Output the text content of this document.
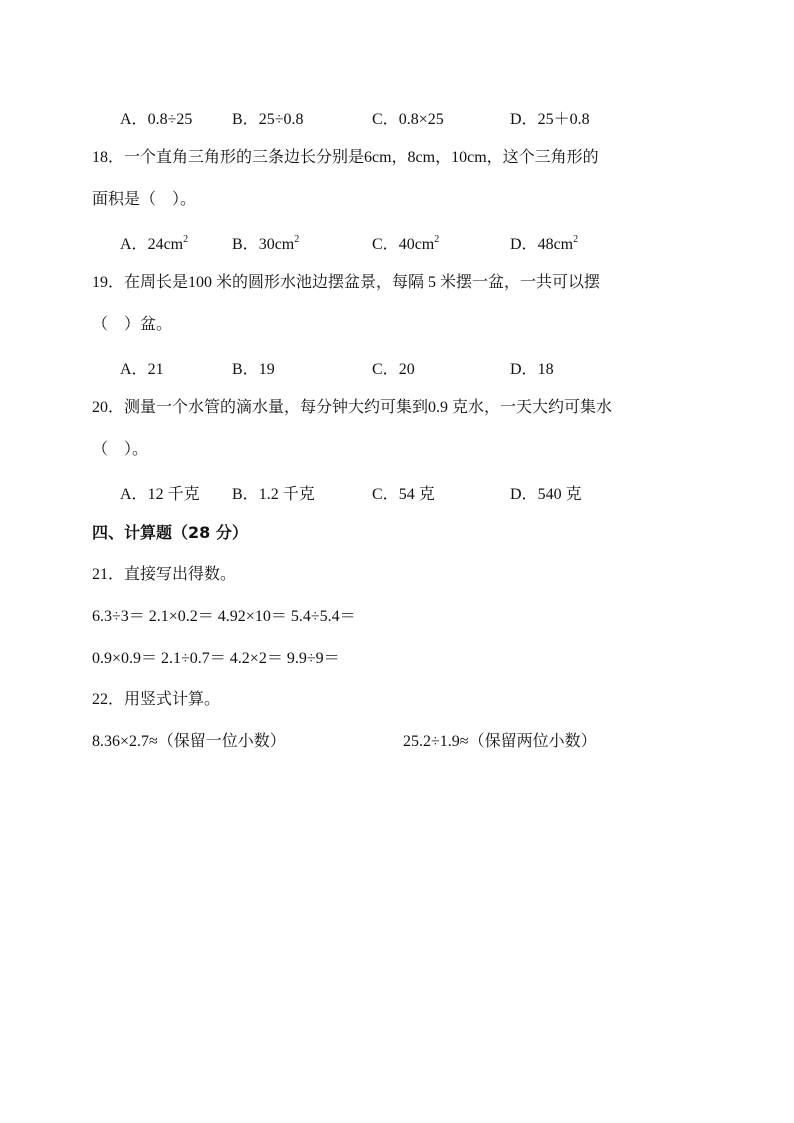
A．0.8÷25 B．25÷0.8	C．0.8×25	D．25＋0.8
18．一个直角三角形的三条边长分别是6cm，8cm，10cm，这个三角形的
面积是（　）。
A．$24cm^2$	B．$30cm^2$	C．$40cm^2$	D．$48cm^2$
19．在周长是100 米的圆形水池边摆盆景，每隔 5 米摆一盆，一共可以摆
（　）盆。
A．21	B．19	C．20	D．18
20．测量一个水管的滴水量，每分钟大约可集到0.9 克水，一天大约可集水
（　）。
A．12 千克 B．1.2 千克	C．54 克	D．540 克
四、计算题（28 分）
21．直接写出得数。
6.3÷3＝ 2.1×0.2＝ 4.92×10＝ 5.4÷5.4＝
0.9×0.9＝ 2.1÷0.7＝ 4.2×2＝ 9.9÷9＝
22．用竖式计算。
8.36×2.7≈（保留一位小数）	25.2÷1.9≈（保留两位小数）
